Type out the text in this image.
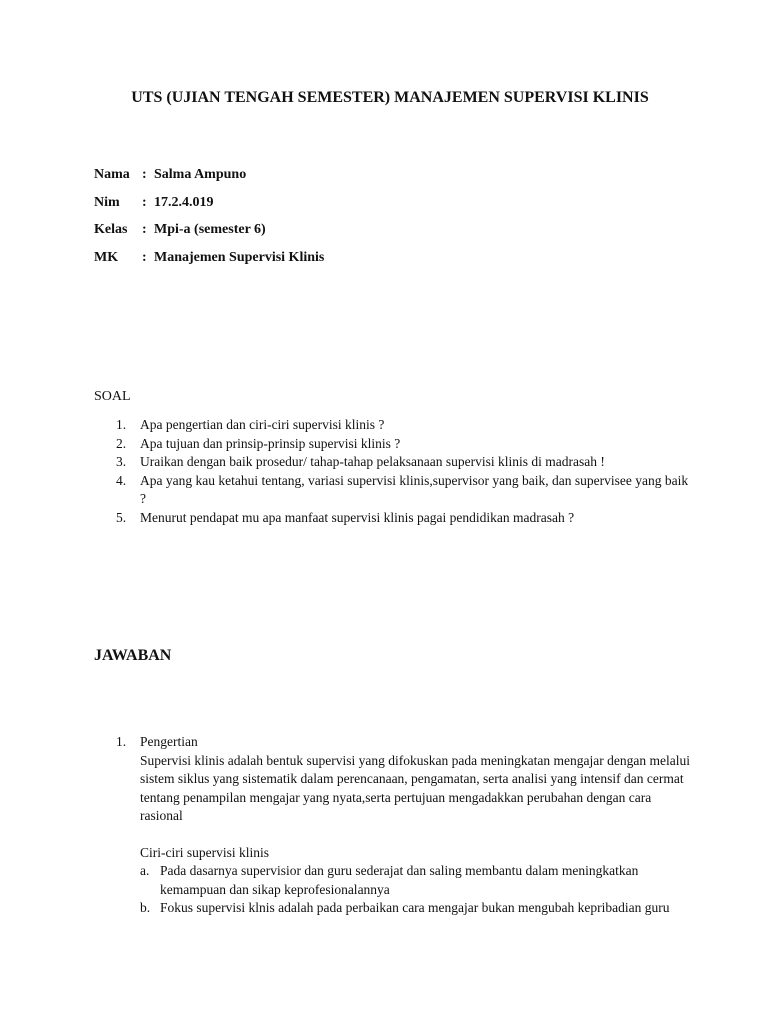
UTS (UJIAN TENGAH SEMESTER) MANAJEMEN SUPERVISI KLINIS
Nama : Salma Ampuno
Nim	: 17.2.4.019
Kelas	: Mpi-a (semester 6)
MK	: Manajemen Supervisi Klinis
SOAL
1.	Apa pengertian dan ciri-ciri supervisi klinis ?
2.	Apa tujuan dan prinsip-prinsip supervisi klinis ?
3.	Uraikan dengan baik prosedur/ tahap-tahap pelaksanaan supervisi klinis di madrasah !
4.	Apa yang kau ketahui tentang, variasi supervisi klinis,supervisor yang baik, dan supervisee yang baik ?
5.	Menurut pendapat mu apa manfaat supervisi klinis pagai pendidikan madrasah ?
JAWABAN
1.	Pengertian
Supervisi klinis adalah bentuk supervisi yang difokuskan pada meningkatan mengajar dengan melalui sistem siklus yang sistematik dalam perencanaan, pengamatan, serta analisi yang intensif dan cermat tentang penampilan mengajar yang nyata,serta pertujuan mengadakkan perubahan dengan cara rasional
Ciri-ciri supervisi klinis
a. Pada dasarnya supervisior dan guru sederajat dan saling membantu dalam meningkatkan kemampuan dan sikap keprofesionalannya
b. Fokus supervisi klnis adalah pada perbaikan cara mengajar bukan mengubah kepribadian guru
